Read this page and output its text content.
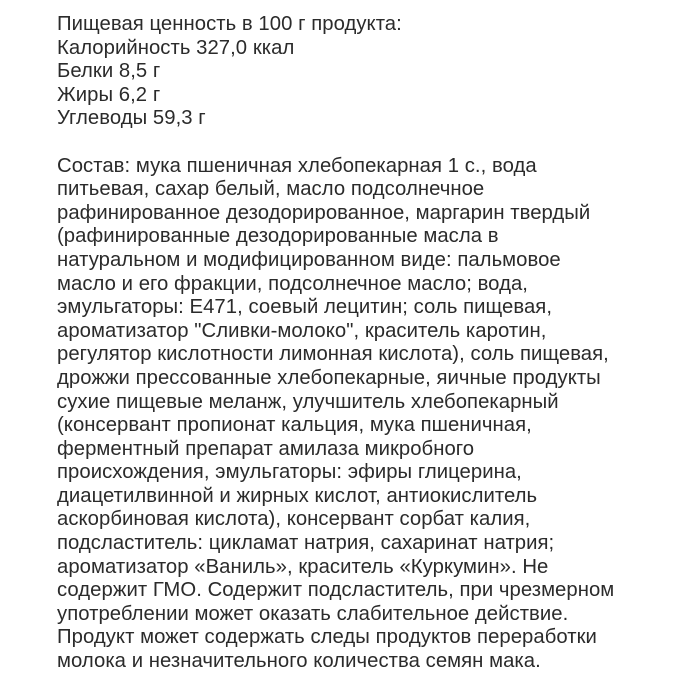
Пищевая ценность в 100 г продукта:
Калорийность 327,0 ккал
Белки 8,5 г
Жиры 6,2 г
Углеводы 59,3 г
Состав: мука пшеничная хлебопекарная 1 с., вода
питьевая, сахар белый, масло подсолнечное
рафинированное дезодорированное, маргарин твердый
(рафинированные дезодорированные масла в
натуральном и модифицированном виде: пальмовое
масло и его фракции, подсолнечное масло; вода,
эмульгаторы: Е471, соевый лецитин; соль пищевая,
ароматизатор "Сливки-молоко", краситель каротин,
регулятор кислотности лимонная кислота), соль пищевая,
дрожжи прессованные хлебопекарные, яичные продукты
сухие пищевые меланж, улучшитель хлебопекарный
(консервант пропионат кальция, мука пшеничная,
ферментный препарат амилаза микробного
происхождения, эмульгаторы: эфиры глицерина,
диацетилвинной и жирных кислот, антиокислитель
аскорбиновая кислота), консервант сорбат калия,
подсластитель: цикламат натрия, сахаринат натрия;
ароматизатор «Ваниль», краситель «Куркумин». Не
содержит ГМО. Содержит подсластитель, при чрезмерном
употреблении может оказать слабительное действие.
Продукт может содержать следы продуктов переработки
молока и незначительного количества семян мака.
